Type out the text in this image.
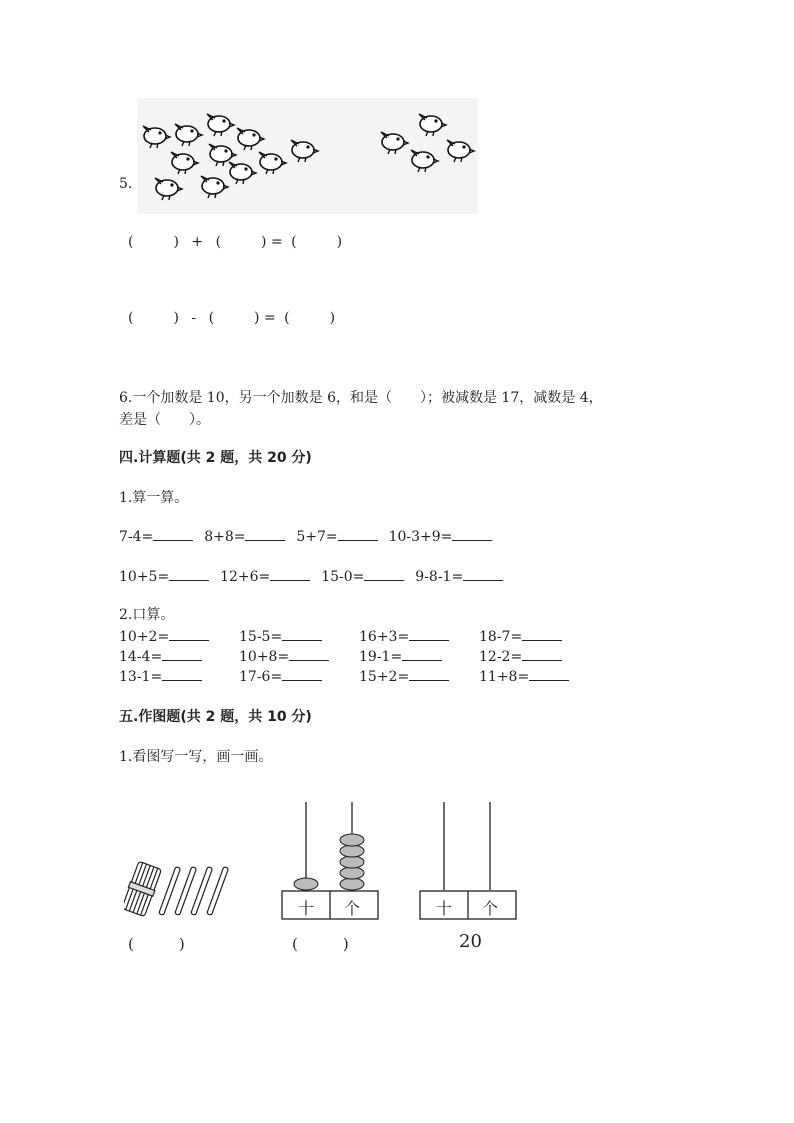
5.
(	) + (	) = (	)
(	) - (	) = (	)
6.一个加数是 10，另一个加数是 6，和是（　　）；被减数是 17，减数是 4，
差是（　　）。
四.计算题(共 2 题，共 20 分)
1.算一算。
7-4=	8+8=	5+7=	10-3+9=
10+5=	12+6=	15-0=	9-8-1=
2.口算。
10+2=	15-5=	16+3=	18-7=
14-4=	10+8=	19-1=	12-2=
13-1=	17-6=	15+2=	11+8=
五.作图题(共 2 题，共 10 分)
1.看图写一写，画一画。
(　　　)
十 个
(　　　)
十 个
20
